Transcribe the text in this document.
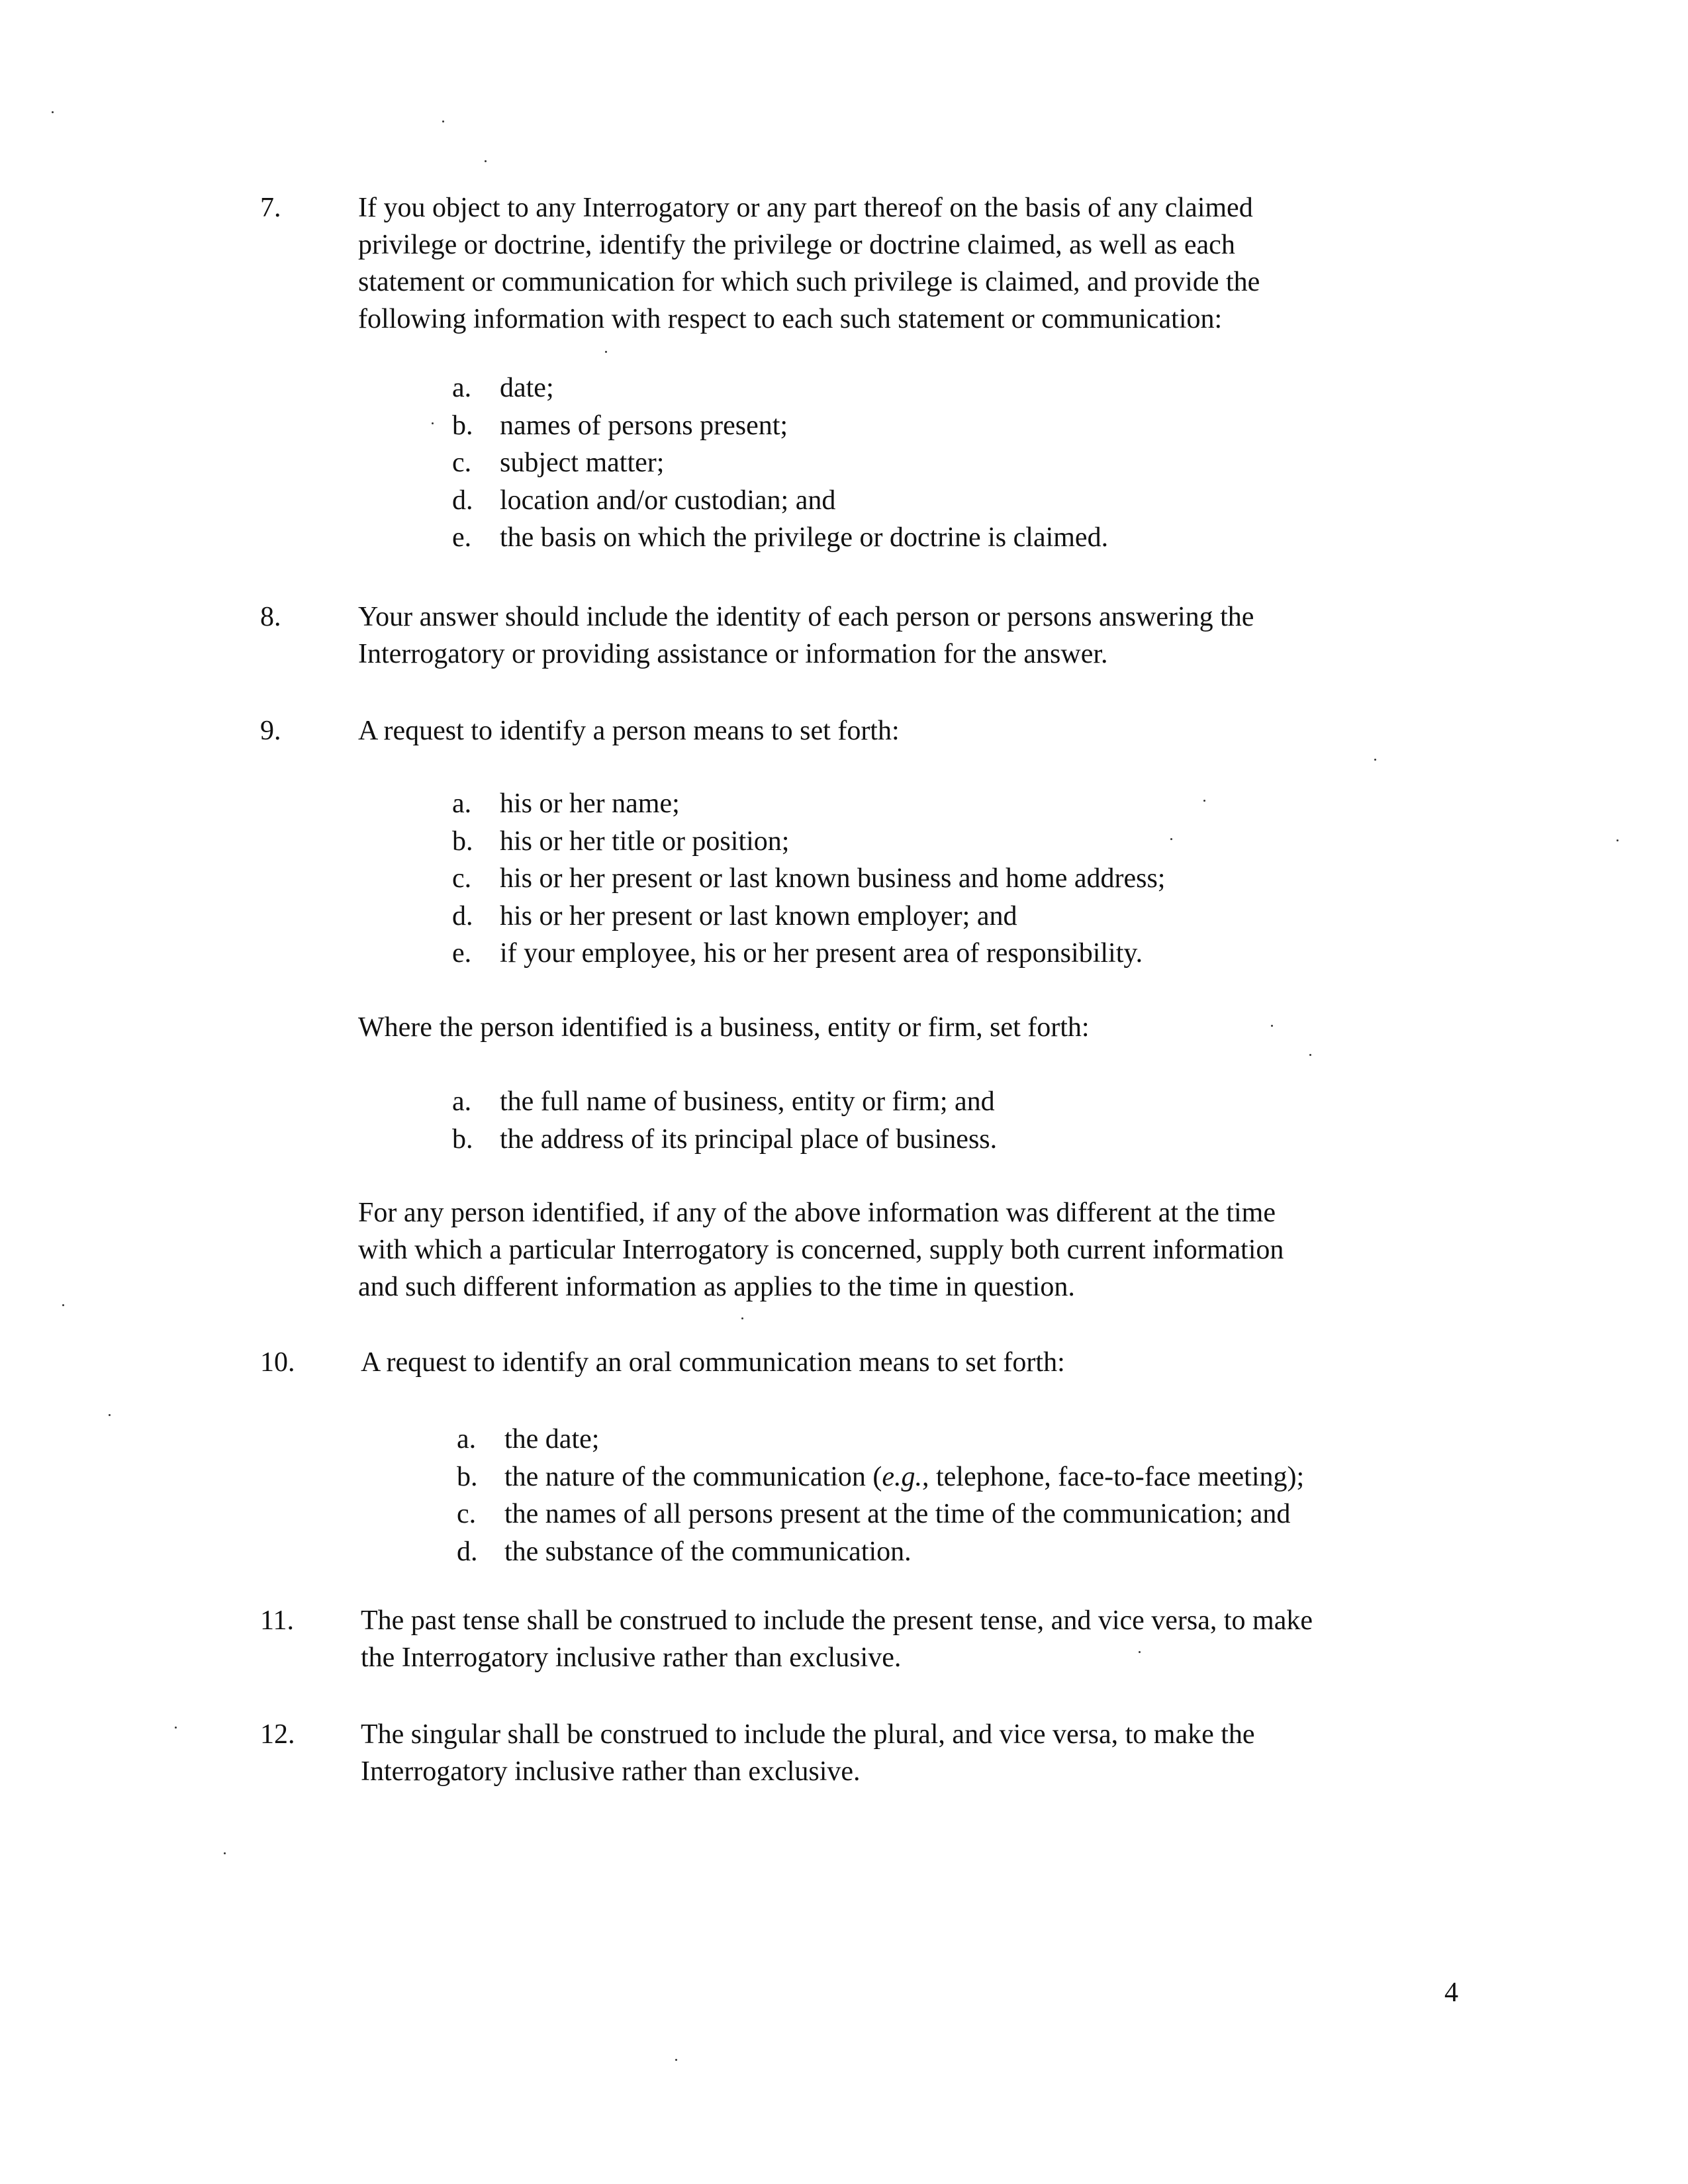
7.	If you object to any Interrogatory or any part thereof on the basis of any claimed
privilege or doctrine, identify the privilege or doctrine claimed, as well as each
statement or communication for which such privilege is claimed, and provide the
following information with respect to each such statement or communication:
a. date;
b. names of persons present;
c. subject matter;
d. location and/or custodian; and
e. the basis on which the privilege or doctrine is claimed.
8.	Your answer should include the identity of each person or persons answering the
Interrogatory or providing assistance or information for the answer.
9.	A request to identify a person means to set forth:
a. his or her name;
b. his or her title or position;
c. his or her present or last known business and home address;
d. his or her present or last known employer; and
e. if your employee, his or her present area of responsibility.
Where the person identified is a business, entity or firm, set forth:
a. the full name of business, entity or firm; and
b. the address of its principal place of business.
For any person identified, if any of the above information was different at the time
with which a particular Interrogatory is concerned, supply both current information
and such different information as applies to the time in question.
10. A request to identify an oral communication means to set forth:
a. the date;
b. the nature of the communication (e.g., telephone, face-to-face meeting);
c. the names of all persons present at the time of the communication; and
d. the substance of the communication.
11. The past tense shall be construed to include the present tense, and vice versa, to make
the Interrogatory inclusive rather than exclusive.
12. The singular shall be construed to include the plural, and vice versa, to make the
Interrogatory inclusive rather than exclusive.
4
